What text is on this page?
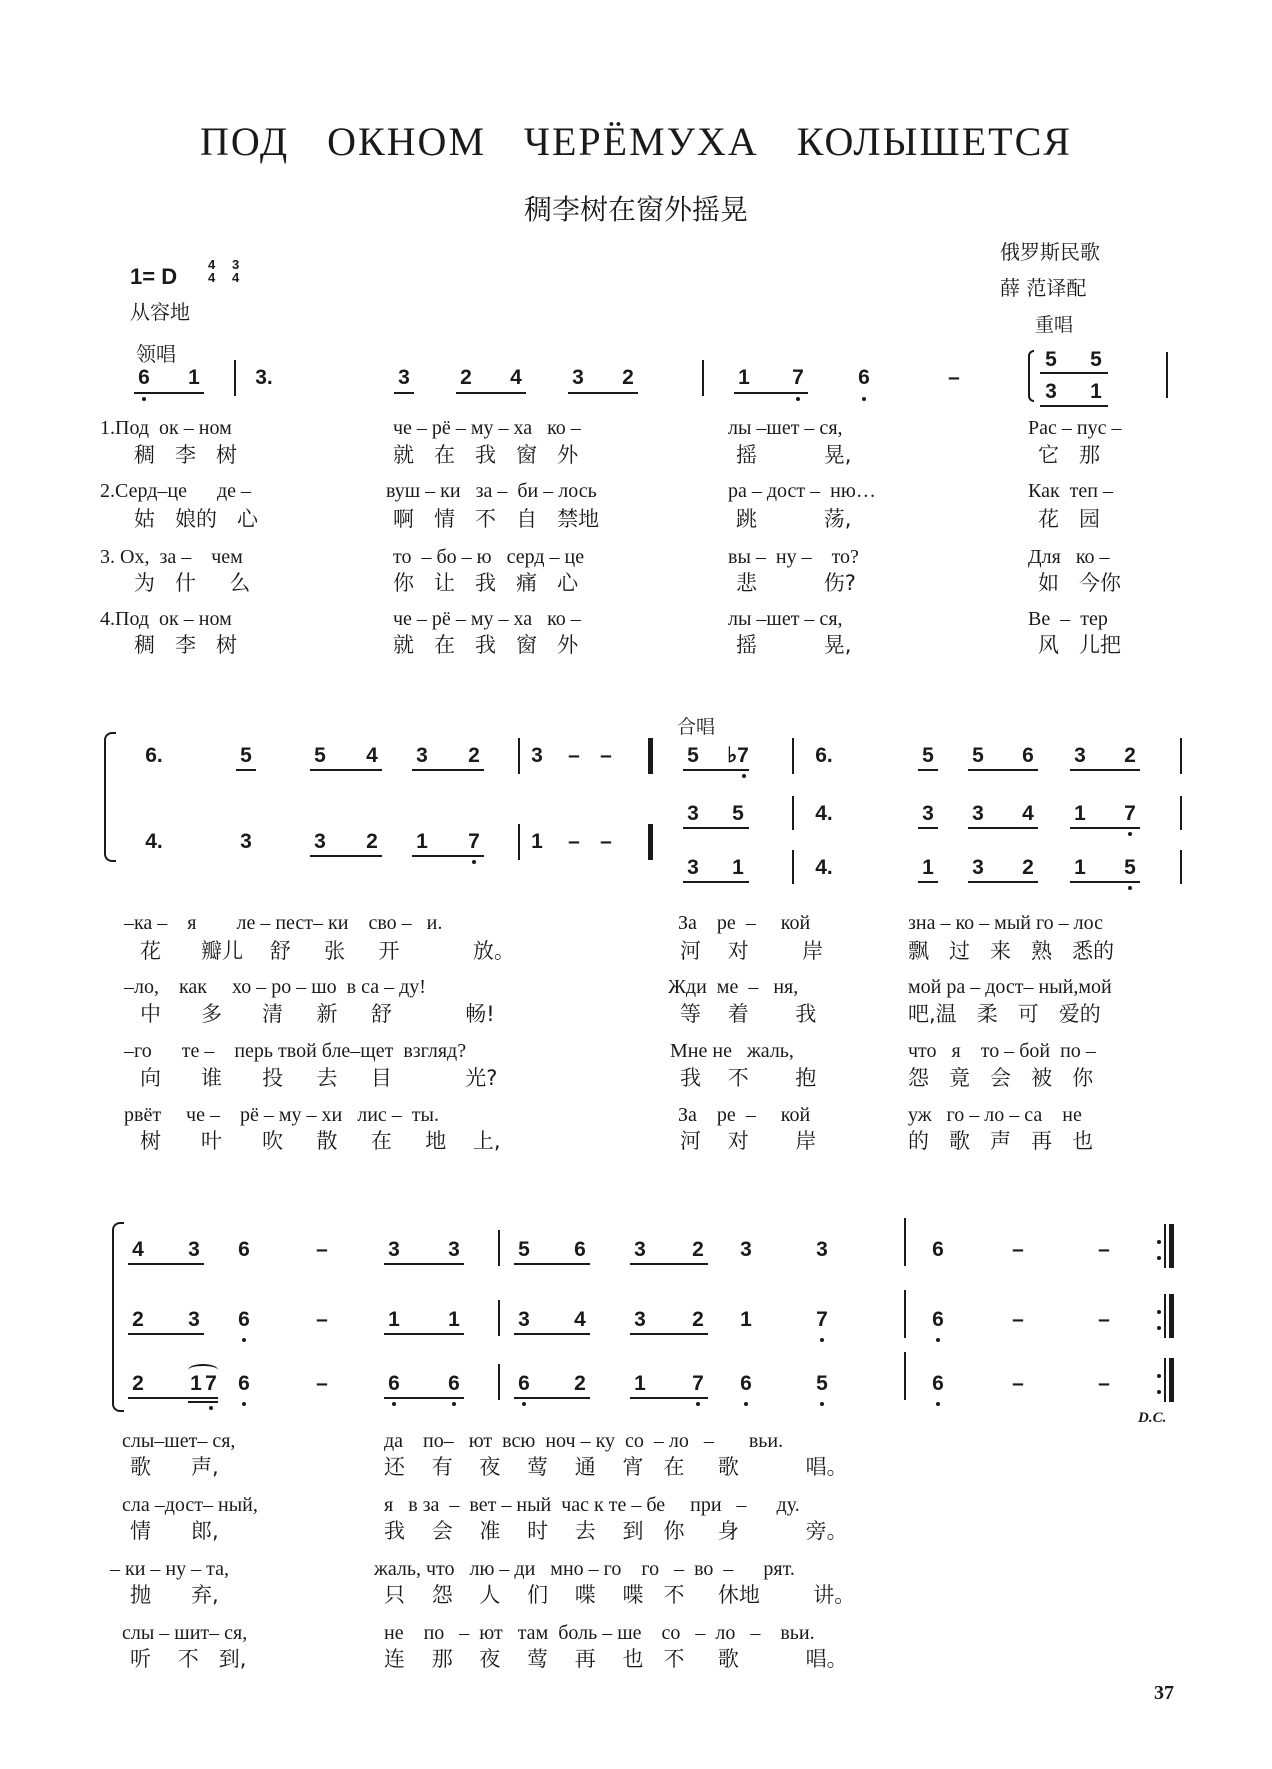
ПОД ОКНОМ ЧЕРЁМУХА КОЛЫШЕТСЯ
稠李树在窗外摇晃
俄罗斯民歌
薛 范译配
1= D 4
4
3
4
从容地
领唱
重唱
6 1	3.	3 2 4 3 2	1 7	6	–
5 5
3 1
1.Под  ок – ном	че – рё – му – ха   ко –	лы –шет – ся,	Рас – пус –
稠   李   树	就   在   我   窗   外	摇          晃,	它   那
2.Серд–це      де –	вуш – ки   за –  би – лось	ра – дост –  ню…	Как  теп –
姑   娘的   心	啊   情   不   自   禁地	跳          荡,	花   园
3. Ох,  за –    чем	то  – бо – ю   серд – це	вы –  ну –    то?	Для   ко –
为   什     么	你   让   我   痛   心	悲          伤?	如   今你
4.Под  ок – ном	че – рё – му – ха   ко –	лы –шет – ся,	Ве  –  тер
稠   李   树	就   在   我   窗   外	摇          晃,	风   儿把
合唱
6.	5	5 4 3 2 3 – –	5 ♭7	6.	5 5 6 3 2
4.	3	3 2 1 7 1 – –
3 5	4.	3 3 4 1 7
3 1	4.	1 3 2 1 5
–ка –    я        ле – пест– ки    сво –   и.	За    ре  –     кой	зна – ко – мый го – лос
花      瓣儿    舒     张     开           放。	河    对        岸	飘   过   来   熟   悉的
–ло,    как     хо – ро – шо  в са – ду!	Жди  ме  –   ня,	мой ра – дост– ный,мой
中      多      清     新     舒           畅!	等    着       我	吧,温   柔   可   爱的
–го      те –    перь твой бле–щет  взгляд?	Мне не   жаль,	что   я    то – бой  по –
向      谁      投     去     目           光?	我    不       抱	怨   竟   会   被   你
рвёт     че –    рё – му – хи   лис –  ты.	За    ре  –     кой	уж   го – ло – са    не
树      叶      吹     散     在     地    上,	河    对       岸	的   歌   声   再   也
4 3 6	–	3 3	5 6 3 2 3	3	6	–	–
2 3 6	–	1 1	3 4 3 2 1	7	6	–	–
2 1 7 6	–	6 6	6 2 1 7 6	5	6	–	–
D.C.
слы–шет– ся,	да    по–   ют  всю  ноч – ку  со  – ло   –       вьи.
歌      声,	还    有    夜    莺    通    宵   在     歌          唱。
сла –дост– ный,	я   в за  –  вет – ный  час к те – бе     при   –      ду.
情      郎,	我    会    准    时    去    到   你     身          旁。
– ки – ну – та,	жаль, что   лю – ди   мно – го    го   –  во  –      рят.
抛      弃,	只    怨    人    们    喋    喋   不     休地        讲。
слы – шит– ся,	не    по   –  ют   там  боль – ше    со   –  ло   –    вьи.
听    不   到,	连    那    夜    莺    再    也   不     歌          唱。
37
